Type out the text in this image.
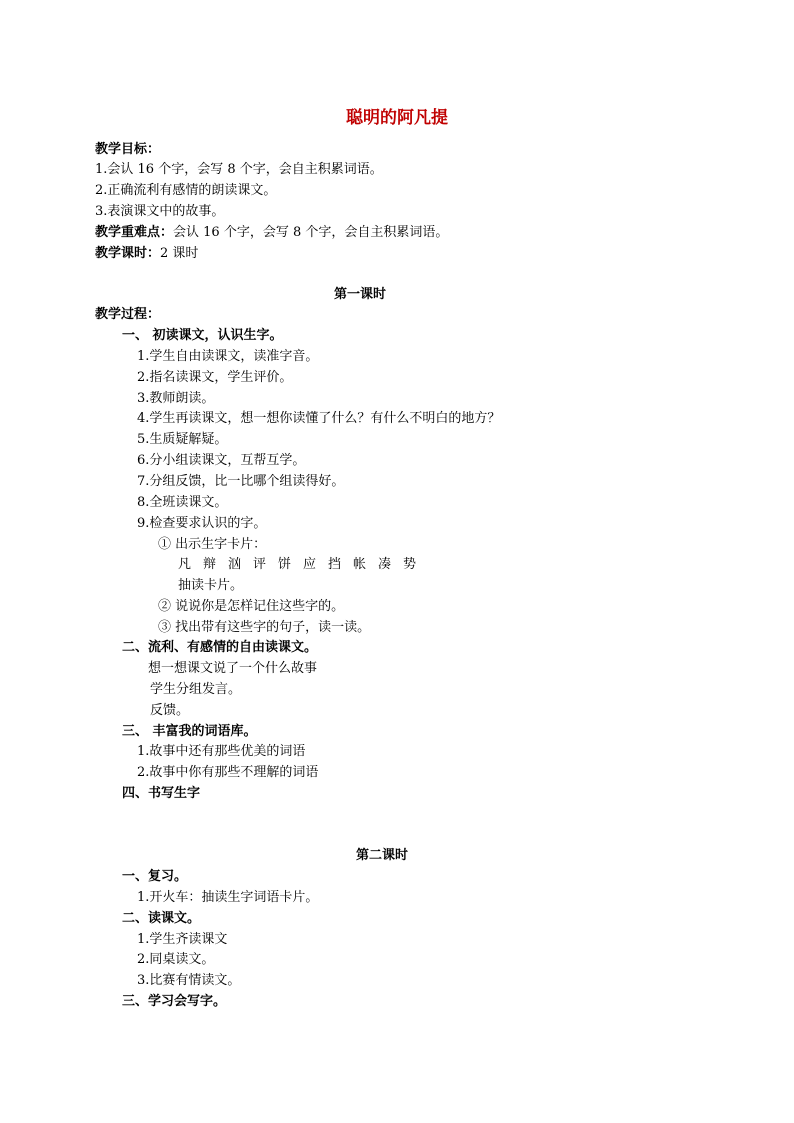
聪明的阿凡提
教学目标：
1.会认 16 个字，会写 8 个字，会自主积累词语。
2.正确流利有感情的朗读课文。
3.表演课文中的故事。
教学重难点：会认 16 个字，会写 8 个字，会自主积累词语。
教学课时：2 课时
第一课时
教学过程：
一、 初读课文，认识生字。
1.学生自由读课文，读准字音。
2.指名读课文，学生评价。
3.教师朗读。
4.学生再读课文，想一想你读懂了什么？有什么不明白的地方？
5.生质疑解疑。
6.分小组读课文，互帮互学。
7.分组反馈，比一比哪个组读得好。
8.全班读课文。
9.检查要求认识的字。
① 出示生字卡片：
凡 辩 汹 评 饼 应 挡 帐 凑 势
抽读卡片。
② 说说你是怎样记住这些字的。
③ 找出带有这些字的句子，读一读。
二、流利、有感情的自由读课文。
想一想课文说了一个什么故事
学生分组发言。
反馈。
三、 丰富我的词语库。
1.故事中还有那些优美的词语
2.故事中你有那些不理解的词语
四、书写生字
第二课时
一、复习。
1.开火车：抽读生字词语卡片。
二、读课文。
1.学生齐读课文
2.同桌读文。
3.比赛有情读文。
三、学习会写字。
